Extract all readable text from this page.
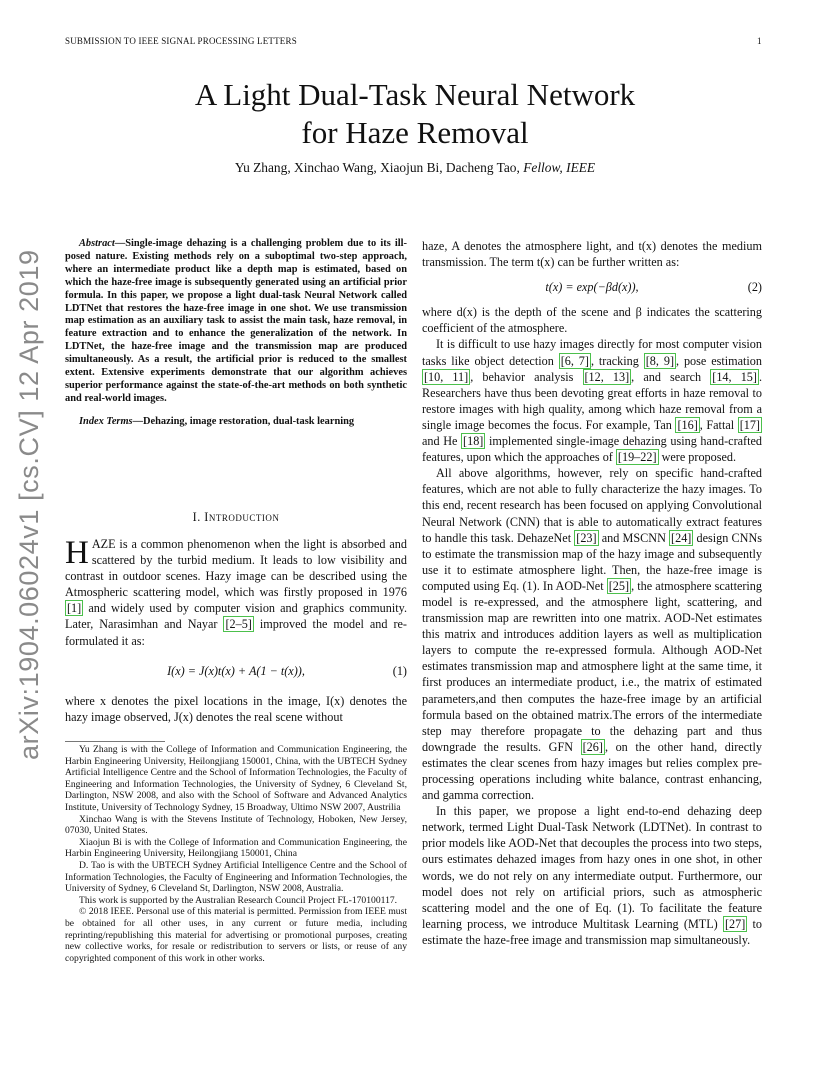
SUBMISSION TO IEEE SIGNAL PROCESSING LETTERS	1
arXiv:1904.06024v1 [cs.CV] 12 Apr 2019
A Light Dual-Task Neural Network
for Haze Removal
Yu Zhang, Xinchao Wang, Xiaojun Bi, Dacheng Tao, Fellow, IEEE

Abstract—Single-image dehazing is a challenging problem due to its ill-posed nature. Existing methods rely on a suboptimal two-step approach, where an intermediate product like a depth map is estimated, based on which the haze-free image is subsequently generated using an artificial prior formula. In this paper, we propose a light dual-task Neural Network called LDTNet that restores the haze-free image in one shot. We use transmission map estimation as an auxiliary task to assist the main task, haze removal, in feature extraction and to enhance the generalization of the network. In LDTNet, the haze-free image and the transmission map are produced simultaneously. As a result, the artificial prior is reduced to the smallest extent. Extensive experiments demonstrate that our algorithm achieves superior performance against the state-of-the-art methods on both synthetic and real-world images.

Index Terms—Dehazing, image restoration, dual-task learning

I. Introduction

HAZE is a common phenomenon when the light is absorbed and scattered by the turbid medium. It leads to low visibility and contrast in outdoor scenes. Hazy image can be described using the Atmospheric scattering model, which was firstly proposed in 1976 [1] and widely used by computer vision and graphics community. Later, Narasimhan and Nayar [2–5] improved the model and re-formulated it as:

I(x) = J(x)t(x) + A(1 − t(x)),	(1)

where x denotes the pixel locations in the image, I(x) denotes the hazy image observed, J(x) denotes the real scene without

Yu Zhang is with the College of Information and Communication Engineering, the Harbin Engineering University, Heilongjiang 150001, China, with the UBTECH Sydney Artificial Intelligence Centre and the School of Information Technologies, the Faculty of Engineering and Information Technologies, the University of Sydney, 6 Cleveland St, Darlington, NSW 2008, and also with the School of Software and Advanced Analytics Institute, University of Technology Sydney, 15 Broadway, Ultimo NSW 2007, Austrilia

Xinchao Wang is with the Stevens Institute of Technology, Hoboken, New Jersey, 07030, United States.

Xiaojun Bi is with the College of Information and Communication Engineering, the Harbin Engineering University, Heilongjiang 150001, China

D. Tao is with the UBTECH Sydney Artificial Intelligence Centre and the School of Information Technologies, the Faculty of Engineering and Information Technologies, the University of Sydney, 6 Cleveland St, Darlington, NSW 2008, Australia.

This work is supported by the Australian Research Council Project FL-170100117.

© 2018 IEEE. Personal use of this material is permitted. Permission from IEEE must be obtained for all other uses, in any current or future media, including reprinting/republishing this material for advertising or promotional purposes, creating new collective works, for resale or redistribution to servers or lists, or reuse of any copyrighted component of this work in other works.

haze, A denotes the atmosphere light, and t(x) denotes the medium transmission. The term t(x) can be further written as:

t(x) = exp(−βd(x)),	(2)

where d(x) is the depth of the scene and β indicates the scattering coefficient of the atmosphere.

It is difficult to use hazy images directly for most computer vision tasks like object detection [6, 7] , tracking [8, 9] , pose estimation [10, 11] , behavior analysis [12, 13] , and search [14, 15] . Researchers have thus been devoting great efforts in haze removal to restore images with high quality, among which haze removal from a single image becomes the focus. For example, Tan [16] , Fattal [17] and He [18] implemented single-image dehazing using hand-crafted features, upon which the approaches of [19–22] were proposed.

All above algorithms, however, rely on specific hand-crafted features, which are not able to fully characterize the hazy images. To this end, recent research has been focused on applying Convolutional Neural Network (CNN) that is able to automatically extract features to handle this task. DehazeNet [23] and MSCNN [24] design CNNs to estimate the transmission map of the hazy image and subsequently use it to estimate atmosphere light. Then, the haze-free image is computed using Eq. (1). In AOD-Net [25] , the atmosphere scattering model is re-expressed, and the atmosphere light, scattering, and transmission map are rewritten into one matrix. AOD-Net estimates this matrix and introduces addition layers as well as multiplication layers to compute the re-expressed formula. Although AOD-Net estimates transmission map and atmosphere light at the same time, it first produces an intermediate product, i.e., the matrix of estimated parameters,and then computes the haze-free image by an artificial formula based on the obtained matrix.The errors of the intermediate step may therefore propagate to the dehazing part and thus downgrade the results. GFN [26] , on the other hand, directly estimates the clear scenes from hazy images but relies complex pre-processing operations including white balance, contrast enhancing, and gamma correction.

In this paper, we propose a light end-to-end dehazing deep network, termed Light Dual-Task Network (LDTNet). In contrast to prior models like AOD-Net that decouples the process into two steps, ours estimates dehazed images from hazy ones in one shot, in other words, we do not rely on any intermediate output. Furthermore, our model does not rely on artificial priors, such as atmospheric scattering model and the one of Eq. (1). To facilitate the feature learning process, we introduce Multitask Learning (MTL) [27] to estimate the haze-free image and transmission map simultaneously.
